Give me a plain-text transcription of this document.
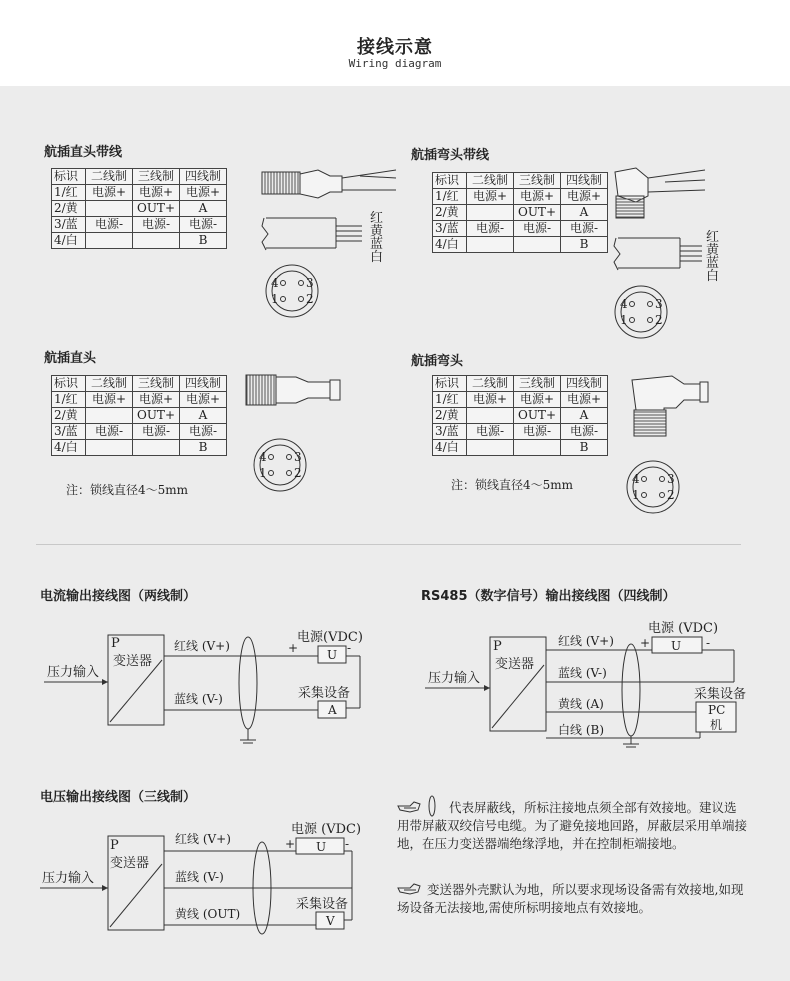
接线示意
Wiring diagram
航插直头带线	航插弯头带线
航插直头	航插弯头
标识	二线制	三线制	四线制
1/红	电源+	电源+	电源+
2/黄		OUT+	A
3/蓝	电源-	电源-	电源-
4/白			B
标识	二线制	三线制	四线制
1/红	电源+	电源+	电源+
2/黄		OUT+	A
3/蓝	电源-	电源-	电源-
4/白			B
标识	二线制	三线制	四线制
1/红	电源+	电源+	电源+
2/黄		OUT+	A
3/蓝	电源-	电源-	电源-
4/白			B
标识	二线制	三线制	四线制
1/红	电源+	电源+	电源+
2/黄		OUT+	A
3/蓝	电源-	电源-	电源-
4/白			B
注：锁线直径4～5mm	注：锁线直径4～5mm
红
黄
蓝
白
4 3
1 2
红
黄
蓝
白
4 3
1 2
4 3
1 2	4 3
1 2
电流输出接线图（两线制）
压力输入
P
变送器
红线 (V+)
蓝线 (V-)
电源(VDC)
+	-
U
采集设备
A
RS485（数字信号）输出接线图（四线制）
压力输入
P
变送器
红线 (V+)
蓝线 (V-)
黄线 (A)
白线 (B)
电源 (VDC)
+	-
U
采集设备
PC
机
电压输出接线图（三线制）
压力输入
P
变送器
红线 (V+)
蓝线 (V-)
黄线 (OUT)
电源 (VDC)
+	-
U
采集设备
V
代表屏蔽线，所标注接地点须全部有效接地。建议选用带屏蔽双绞信号电缆。为了避免接地回路，屏蔽层采用单端接地，在压力变送器端绝缘浮地，并在控制柜端接地。
变送器外壳默认为地，所以要求现场设备需有效接地,如现场设备无法接地,需使所标明接地点有效接地。
